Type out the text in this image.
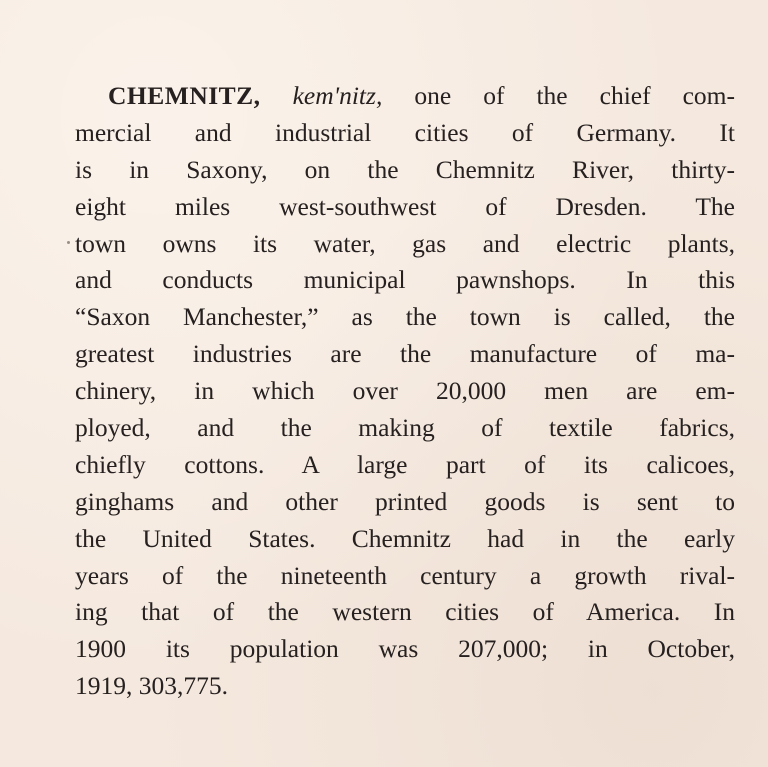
CHEMNITZ, kem'nitz, one of the chief com-
mercial and industrial cities of Germany. It
is in Saxony, on the Chemnitz River, thirty-
eight miles west-southwest of Dresden. The
town owns its water, gas and electric plants,
and conducts municipal pawnshops. In this
“Saxon Manchester,” as the town is called, the
greatest industries are the manufacture of ma-
chinery, in which over 20,000 men are em-
ployed, and the making of textile fabrics,
chiefly cottons. A large part of its calicoes,
ginghams and other printed goods is sent to
the United States. Chemnitz had in the early
years of the nineteenth century a growth rival-
ing that of the western cities of America. In
1900 its population was 207,000; in October,
1919, 303,775.
